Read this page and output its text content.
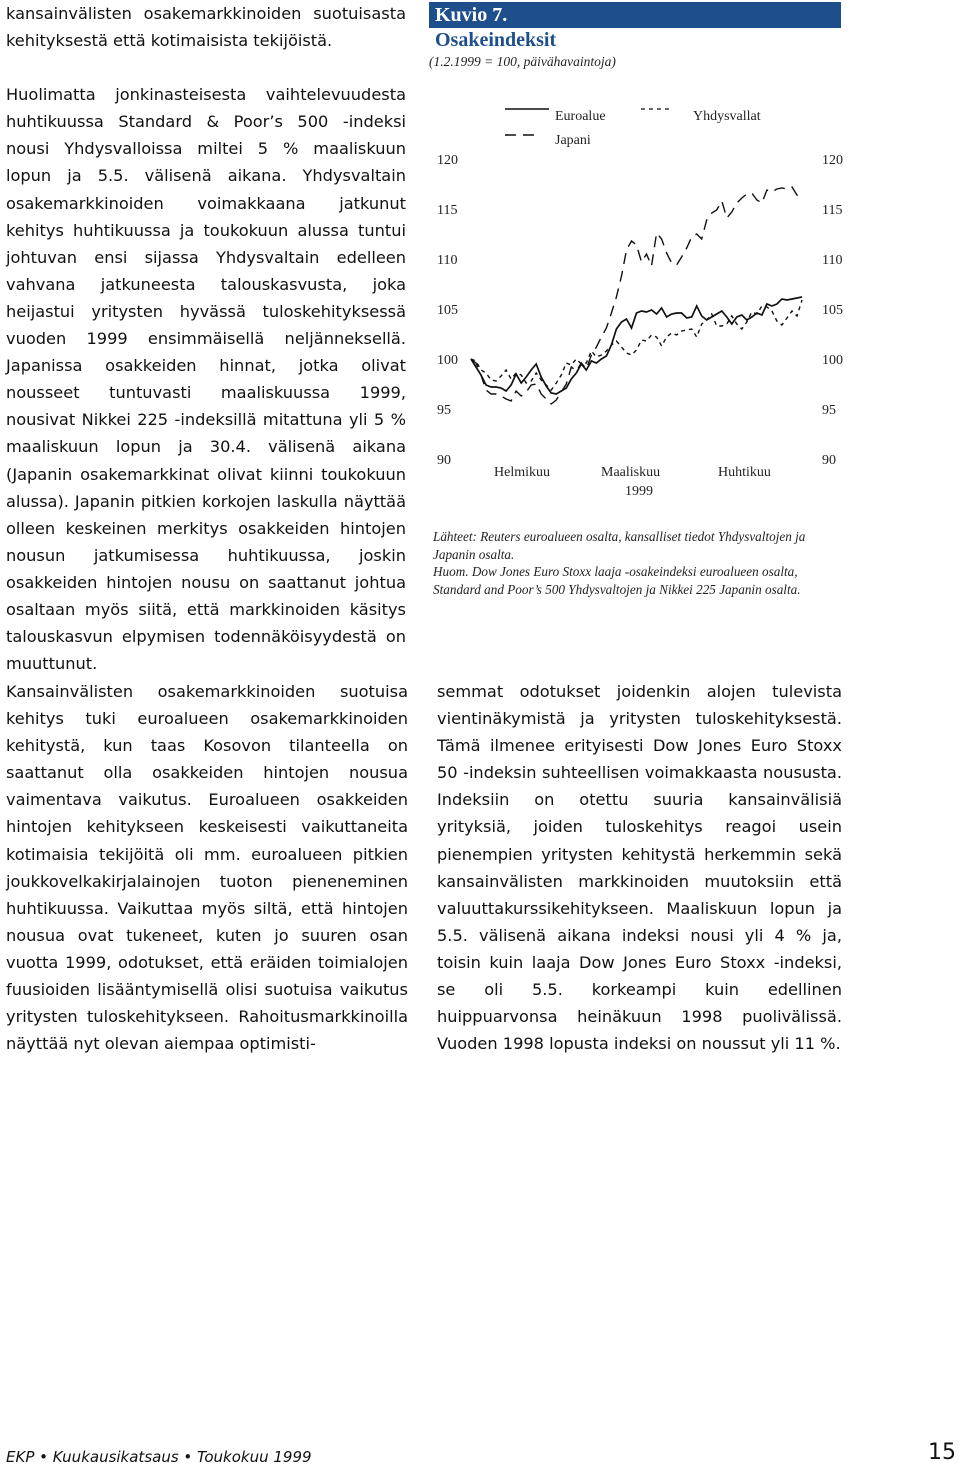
kansainvälisten osakemarkkinoiden suotuisasta kehityksestä että kotimaisista tekijöistä.

Huolimatta jonkinasteisesta vaihtelevuudesta huhtikuussa Standard & Poor’s 500 -indeksi nousi Yhdysvalloissa miltei 5 % maaliskuun lopun ja 5.5. välisenä aikana. Yhdysvaltain osakemarkkinoiden voimakkaana jatkunut kehitys huhtikuussa ja toukokuun alussa tuntui johtuvan ensi sijassa Yhdysvaltain edelleen vahvana jatkuneesta talouskasvusta, joka heijastui yritysten hyvässä tuloskehityksessä vuoden 1999 ensimmäisellä neljänneksellä. Japanissa osakkeiden hinnat, jotka olivat nousseet tuntuvasti maaliskuussa 1999, nousivat Nikkei 225 -indeksillä mitattuna yli 5 % maaliskuun lopun ja 30.4. välisenä aikana (Japanin osakemarkkinat olivat kiinni toukokuun alussa). Japanin pitkien korkojen laskulla näyttää olleen keskeinen merkitys osakkeiden hintojen nousun jatkumisessa huhtikuussa, joskin osakkeiden hintojen nousu on saattanut johtua osaltaan myös siitä, että markkinoiden käsitys talouskasvun elpymisen todennäköisyydestä on muuttunut.

Kuvio 7.
Osakeindeksit
(1.2.1999 = 100, päivähavaintoja)
Euroalue	Yhdysvallat
Japani
90
95
100
105
110
115
120
90
95
100
105
110
115
120
Helmikuu	Maaliskuu	Huhtikuu
1999
Lähteet: Reuters euroalueen osalta, kansalliset tiedot Yhdysvaltojen ja Japanin osalta.
Huom. Dow Jones Euro Stoxx laaja -osakeindeksi euroalueen osalta, Standard and Poor’s 500 Yhdysvaltojen ja Nikkei 225 Japanin osalta.

Kansainvälisten osakemarkkinoiden suotuisa kehitys tuki euroalueen osakemarkkinoiden kehitystä, kun taas Kosovon tilanteella on saattanut olla osakkeiden hintojen nousua vaimentava vaikutus. Euroalueen osakkeiden hintojen kehitykseen keskeisesti vaikuttaneita kotimaisia tekijöitä oli mm. euroalueen pitkien joukkovelkakirjalainojen tuoton pieneneminen huhtikuussa. Vaikuttaa myös siltä, että hintojen nousua ovat tukeneet, kuten jo suuren osan vuotta 1999, odotukset, että eräiden toimialojen fuusioiden lisääntymisellä olisi suotuisa vaikutus yritysten tuloskehitykseen. Rahoitusmarkkinoilla näyttää nyt olevan aiempaa optimisti-

semmat odotukset joidenkin alojen tulevista vientinäkymistä ja yritysten tuloskehityksestä. Tämä ilmenee erityisesti Dow Jones Euro Stoxx 50 -indeksin suhteellisen voimakkaasta noususta. Indeksiin on otettu suuria kansainvälisiä yrityksiä, joiden tuloskehitys reagoi usein pienempien yritysten kehitystä herkemmin sekä kansainvälisten markkinoiden muutoksiin että valuuttakurssikehitykseen. Maaliskuun lopun ja 5.5. välisenä aikana indeksi nousi yli 4 % ja, toisin kuin laaja Dow Jones Euro Stoxx -indeksi, se oli 5.5. korkeampi kuin edellinen huippuarvonsa heinäkuun 1998 puolivälissä. Vuoden 1998 lopusta indeksi on noussut yli 11 %.

EKP • Kuukausikatsaus • Toukokuu 1999	15
